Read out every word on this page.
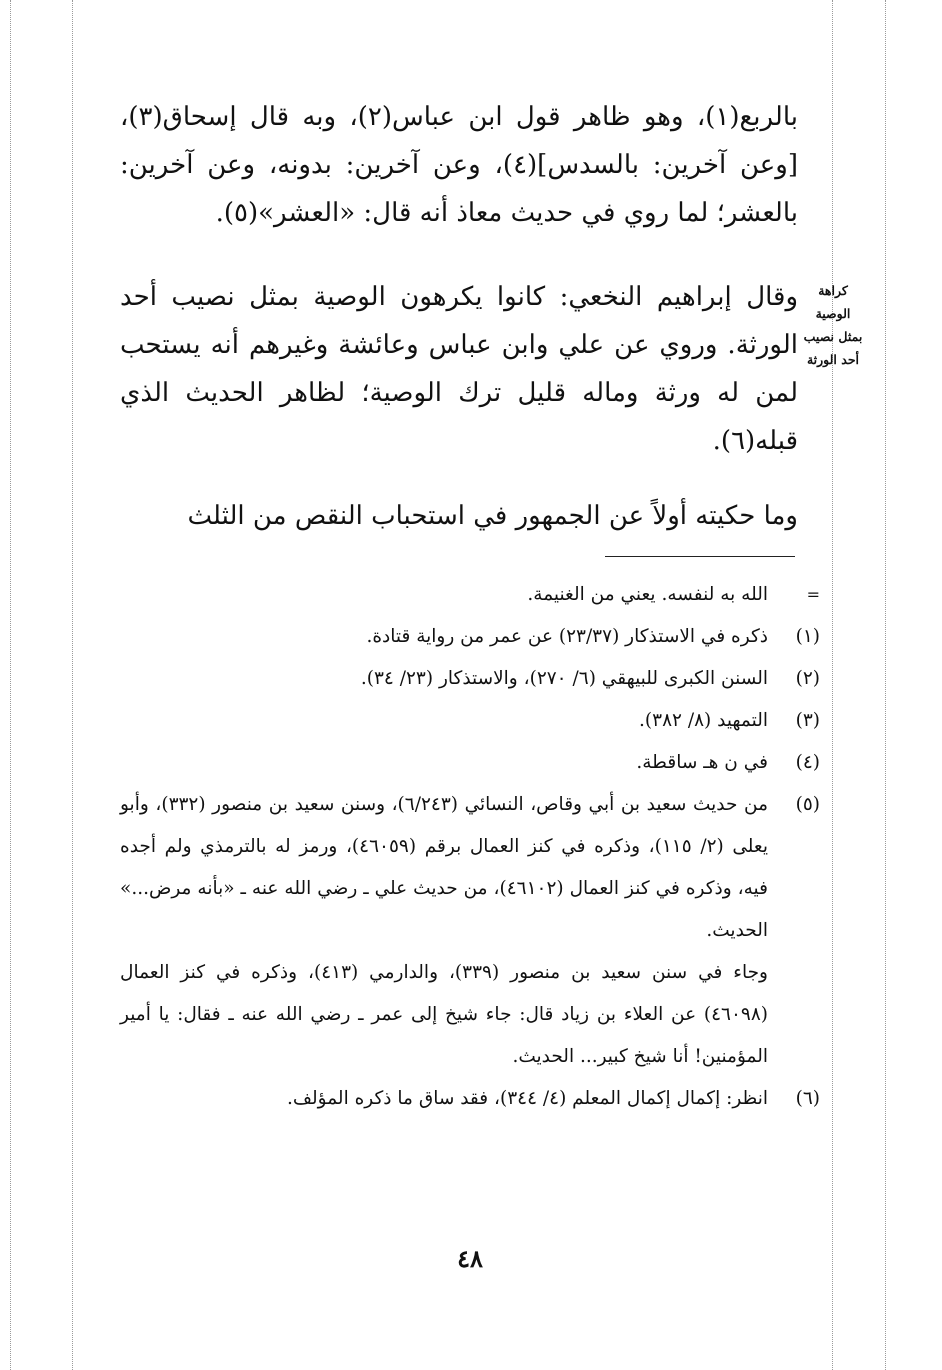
بالربع(١)، وهو ظاهر قول ابن عباس(٢)، وبه قال إسحاق(٣)، [وعن آخرين: بالسدس](٤)، وعن آخرين: بدونه، وعن آخرين: بالعشر؛ لما روي في حديث معاذ أنه قال: «العشر»(٥).

وقال إبراهيم النخعي: كانوا يكرهون الوصية بمثل نصيب أحد الورثة. وروي عن علي وابن عباس وعائشة وغيرهم أنه يستحب لمن له ورثة وماله قليل ترك الوصية؛ لظاهر الحديث الذي قبله(٦).

وما حكيته أولاً عن الجمهور في استحباب النقص من الثلث

كراهة الوصية
بمثل نصيب
أحد الورثة
=
الله به لنفسه. يعني من الغنيمة.
(١)
ذكره في الاستذكار (٢٣/٣٧) عن عمر من رواية قتادة.
(٢)
السنن الكبرى للبيهقي (٦/ ٢٧٠)، والاستذكار (٢٣/ ٣٤).
(٣)
التمهيد (٨/ ٣٨٢).
(٤)
في ن هـ ساقطة.
(٥)
من حديث سعيد بن أبي وقاص، النسائي (٦/٢٤٣)، وسنن سعيد بن منصور (٣٣٢)، وأبو يعلى (٢/ ١١٥)، وذكره في كنز العمال برقم (٤٦٠٥٩)، ورمز له بالترمذي ولم أجده فيه، وذكره في كنز العمال (٤٦١٠٢)، من حديث علي ـ رضي الله عنه ـ «بأنه مرض...» الحديث.
وجاء في سنن سعيد بن منصور (٣٣٩)، والدارمي (٤١٣)، وذكره في كنز العمال (٤٦٠٩٨) عن العلاء بن زياد قال: جاء شيخ إلى عمر ـ رضي الله عنه ـ فقال: يا أمير المؤمنين! أنا شيخ كبير... الحديث.
(٦)
انظر: إكمال إكمال المعلم (٤/ ٣٤٤)، فقد ساق ما ذكره المؤلف.
٤٨
